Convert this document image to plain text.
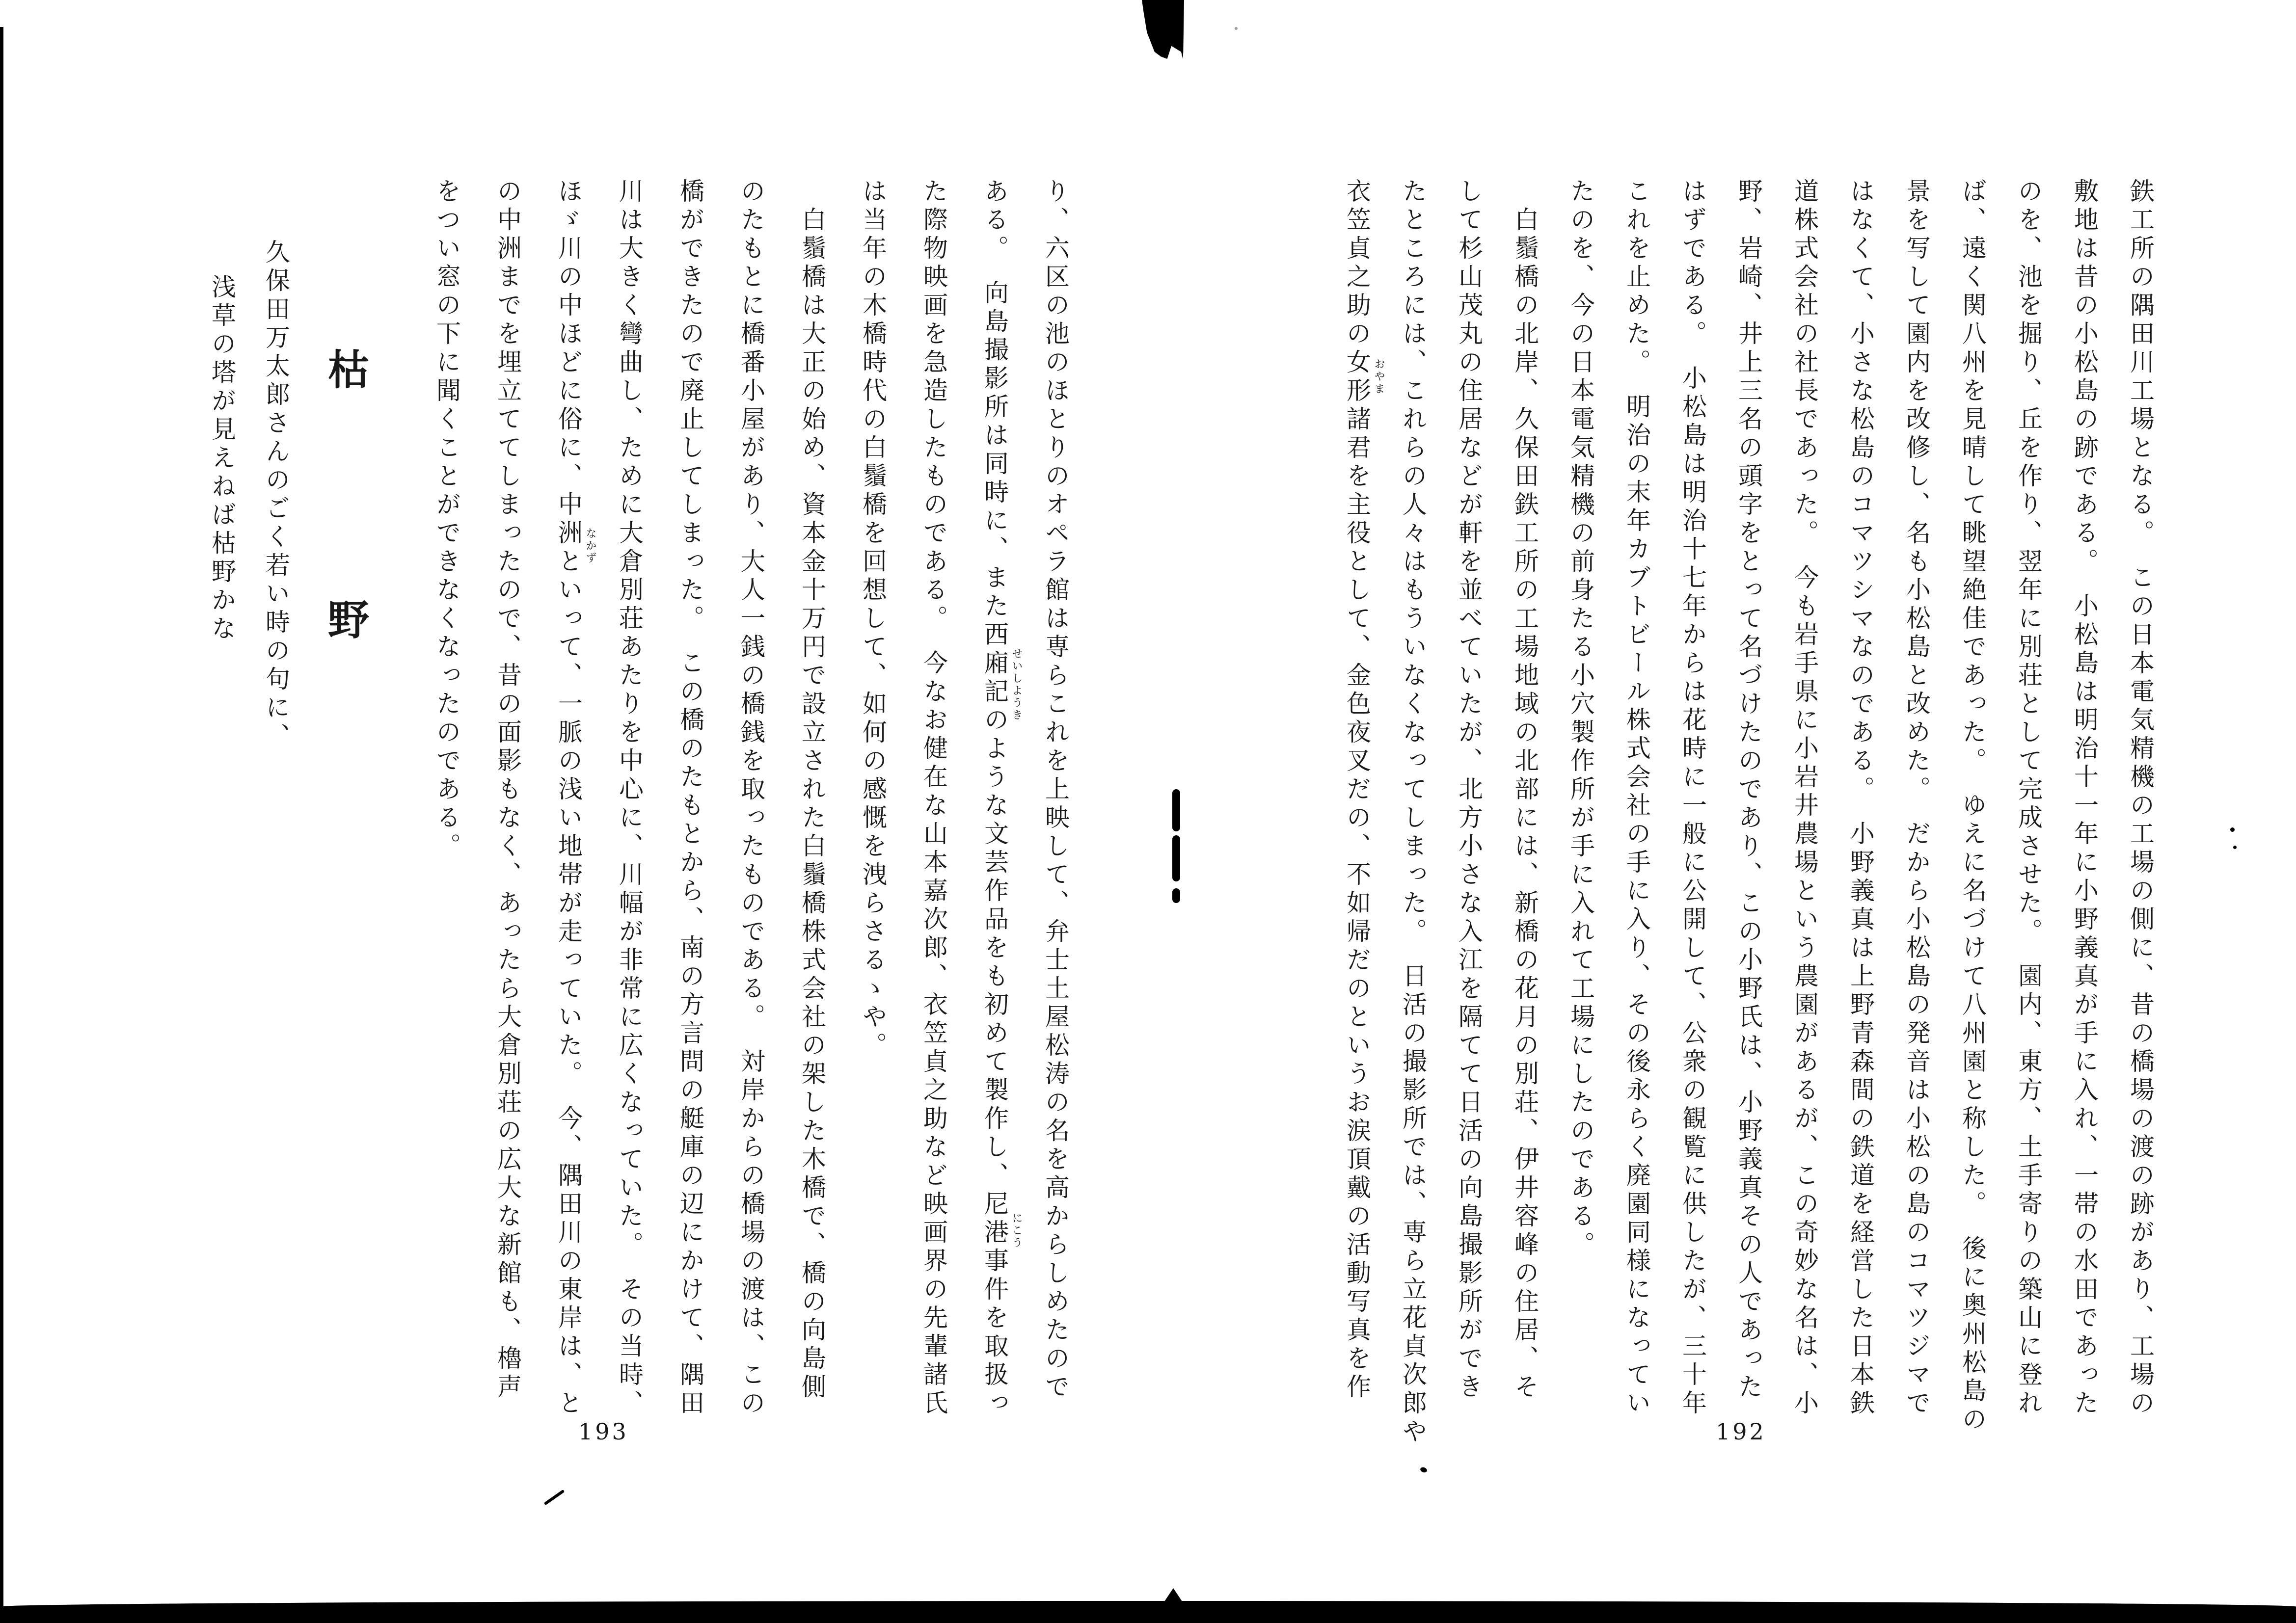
鉄工所の隅田川工場となる。　この日本電気精機の工場の側に、昔の橋場の渡の跡があり、工場の
敷地は昔の小松島の跡である。　小松島は明治十一年に小野義真が手に入れ、一帯の水田であった
のを、池を掘り、丘を作り、翌年に別荘として完成させた。　園内、東方、土手寄りの築山に登れ
ば、遠く関八州を見晴して眺望絶佳であった。　ゆえに名づけて八州園と称した。　後に奥州松島の
景を写して園内を改修し、名も小松島と改めた。　だから小松島の発音は小松の島のコマツジマで
はなくて、小さな松島のコマツシマなのである。　小野義真は上野青森間の鉄道を経営した日本鉄
道株式会社の社長であった。　今も岩手県に小岩井農場という農園があるが、この奇妙な名は、小
野、岩崎、井上三名の頭字をとって名づけたのであり、この小野氏は、小野義真その人であった
はずである。　小松島は明治十七年からは花時に一般に公開して、公衆の観覧に供したが、三十年
これを止めた。　明治の末年カブトビール株式会社の手に入り、その後永らく廃園同様になってい
たのを、今の日本電気精機の前身たる小穴製作所が手に入れて工場にしたのである。
　白鬚橋の北岸、久保田鉄工所の工場地域の北部には、新橋の花月の別荘、伊井容峰の住居、そ
して杉山茂丸の住居などが軒を並べていたが、北方小さな入江を隔てて日活の向島撮影所ができ
たところには、これらの人々はもういなくなってしまった。　日活の撮影所では、専ら立花貞次郎や
衣笠貞之助の女形諸君を主役として、金色夜叉だの、不如帰だのというお涙頂戴の活動写真を作 おやま
192
り、六区の池のほとりのオペラ館は専らこれを上映して、弁士土屋松涛の名を高からしめたので
ある。　向島撮影所は同時に、また西廂記のような文芸作品をも初めて製作し、尼港事件を取扱っ
た際物映画を急造したものである。　今なお健在な山本嘉次郎、衣笠貞之助など映画界の先輩諸氏
は当年の木橋時代の白鬚橋を回想して、如何の感慨を洩らさるゝや。
　白鬚橋は大正の始め、資本金十万円で設立された白鬚橋株式会社の架した木橋で、橋の向島側
のたもとに橋番小屋があり、大人一銭の橋銭を取ったものである。　対岸からの橋場の渡は、この
橋ができたので廃止してしまった。　この橋のたもとから、南の方言問の艇庫の辺にかけて、隅田
川は大きく彎曲し、ために大倉別荘あたりを中心に、川幅が非常に広くなっていた。　その当時、
ほゞ川の中ほどに俗に、中洲といって、一脈の浅い地帯が走っていた。　今、隅田川の東岸は、と
の中洲までを埋立ててしまったので、昔の面影もなく、あったら大倉別荘の広大な新館も、櫓声
をつい窓の下に聞くことができなくなったのである。	せいしようき
にこう
なかず
枯
野
久保田万太郎さんのごく若い時の句に、
浅草の塔が見えねば枯野かな
193
